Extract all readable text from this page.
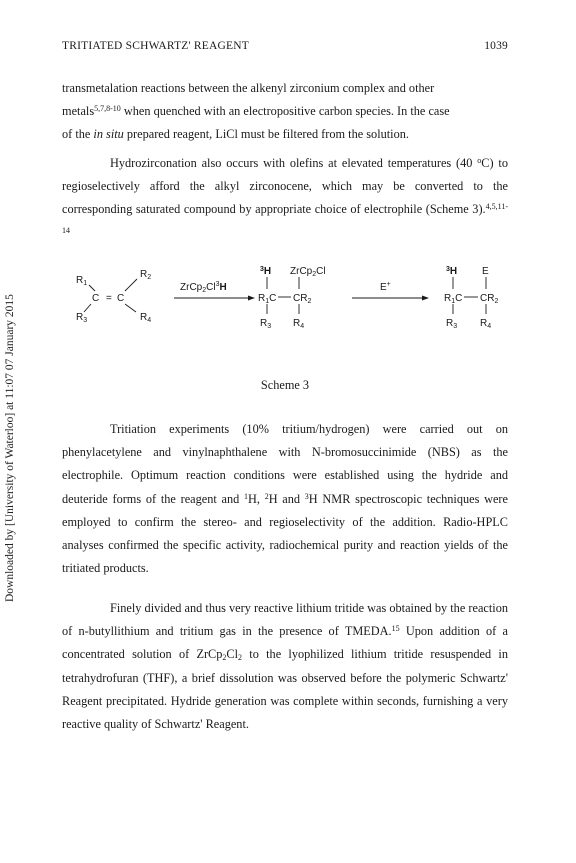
TRITIATED SCHWARTZ' REAGENT	1039
Downloaded by [University of Waterloo] at 11:07 07 January 2015

transmetalation reactions between the alkenyl zirconium complex and other
metals$^{5,7,8-10}$ when quenched with an electropositive carbon species. In the case
of the in situ prepared reagent, LiCl must be filtered from the solution.

Hydrozirconation also occurs with olefins at elevated temperatures (40 $^o$C) to regioselectively afford the alkyl zirconocene, which may be converted to the corresponding saturated compound by appropriate choice of electrophile (Scheme 3).$^{4,5,11-14}$

$R_1$
$R_2$
C = C
$R_3$	$R_4$
$ZrCp_2Cl^3H$
$^3$H ZrCp$_2$Cl
$R_1C$ $CR_2$
$R_3$ $R_4$
E+
$^3$H E
$R_1C$ $CR_2$
$R_3$ $R_4$
Scheme 3

Tritiation experiments (10% tritium/hydrogen) were carried out on phenylacetylene and vinylnaphthalene with N-bromosuccinimide (NBS) as the electrophile. Optimum reaction conditions were established using the hydride and deuteride forms of the reagent and $^1$H, $^2$H and $^3$H NMR spectroscopic techniques were employed to confirm the stereo- and regioselectivity of the addition. Radio-HPLC analyses confirmed the specific activity, radiochemical purity and reaction yields of the tritiated products.

Finely divided and thus very reactive lithium tritide was obtained by the reaction of n-butyllithium and tritium gas in the presence of TMEDA.$^{15}$ Upon addition of a concentrated solution of $ZrCp_2Cl_2$ to the lyophilized lithium tritide resuspended in tetrahydrofuran (THF), a brief dissolution was observed before the polymeric Schwartz' Reagent precipitated. Hydride generation was complete within seconds, furnishing a very reactive quality of Schwartz' Reagent.
